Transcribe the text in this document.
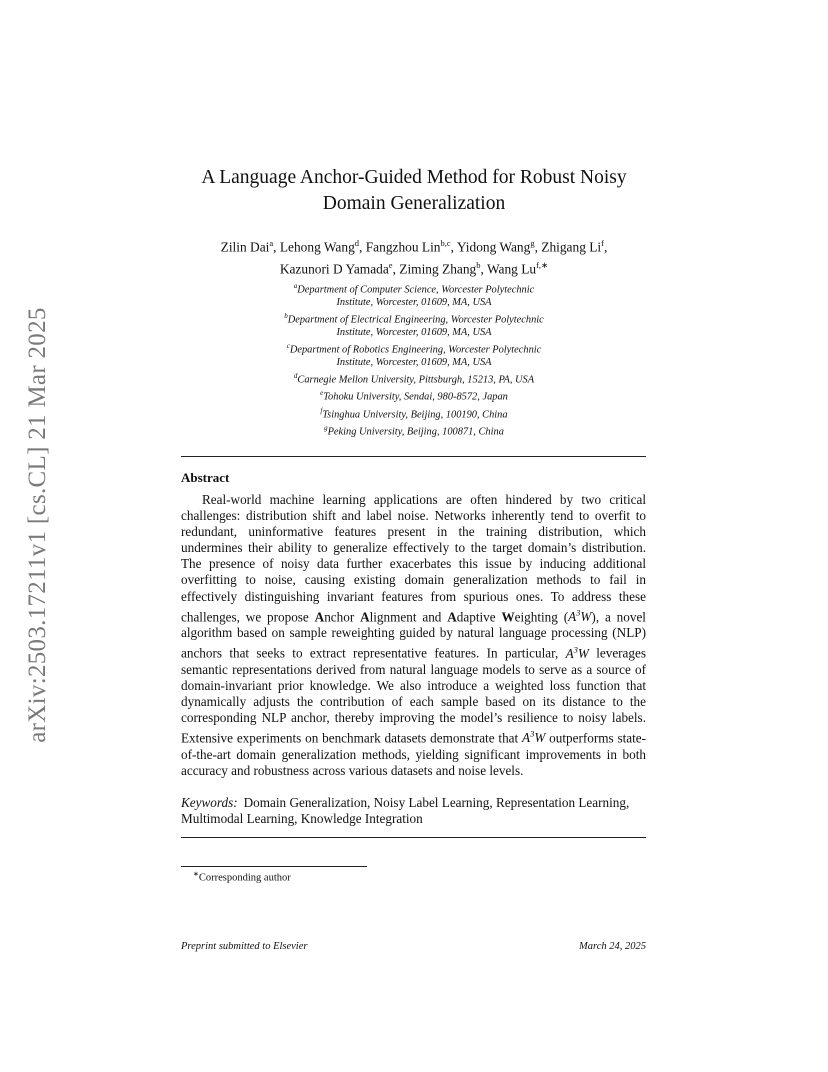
arXiv:2503.17211v1 [cs.CL] 21 Mar 2025
A Language Anchor-Guided Method for Robust Noisy
Domain Generalization
Zilin Dai$^a$, Lehong Wang$^d$, Fangzhou Lin$^{b,c}$, Yidong Wang$^g$, Zhigang Li$^f$,
Kazunori D Yamada$^e$, Ziming Zhang$^b$, Wang $Lu^{f,∗}$

$^a$Department of Computer Science, Worcester Polytechnic

Institute, Worcester, 01609, MA, USA

$^b$Department of Electrical Engineering, Worcester Polytechnic

Institute, Worcester, 01609, MA, USA

$^c$Department of Robotics Engineering, Worcester Polytechnic

Institute, Worcester, 01609, MA, USA

$^d$Carnegie Mellon University, Pittsburgh, 15213, PA, USA

$^e$Tohoku University, Sendai, 980-8572, Japan

$^f$Tsinghua University, Beijing, 100190, China

$^g$Peking University, Beijing, 100871, China

Abstract

Real-world machine learning applications are often hindered by two critical challenges: distribution shift and label noise. Networks inherently tend to overfit to redundant, uninformative features present in the training distribution, which undermines their ability to generalize effectively to the target domain’s distribution. The presence of noisy data further exacerbates this issue by inducing additional overfitting to noise, causing existing domain generalization methods to fail in effectively distinguishing invariant features from spurious ones. To address these challenges, we propose Anchor Alignment and Adaptive Weighting $(A^3W)$, a novel algorithm based on sample reweighting guided by natural language processing (NLP) anchors that seeks to extract representative features. In particular, $A^3W$ leverages semantic representations derived from natural language models to serve as a source of domain-invariant prior knowledge. We also introduce a weighted loss function that dynamically adjusts the contribution of each sample based on its distance to the corresponding NLP anchor, thereby improving the model’s resilience to noisy labels. Extensive experiments on benchmark datasets demonstrate that $A^3W$ outperforms state-of-the-art domain generalization methods, yielding significant improvements in both accuracy and robustness across various datasets and noise levels.

Keywords: Domain Generalization, Noisy Label Learning, Representation Learning, Multimodal Learning, Knowledge Integration
∗Corresponding author
Preprint submitted to Elsevier	March 24, 2025
